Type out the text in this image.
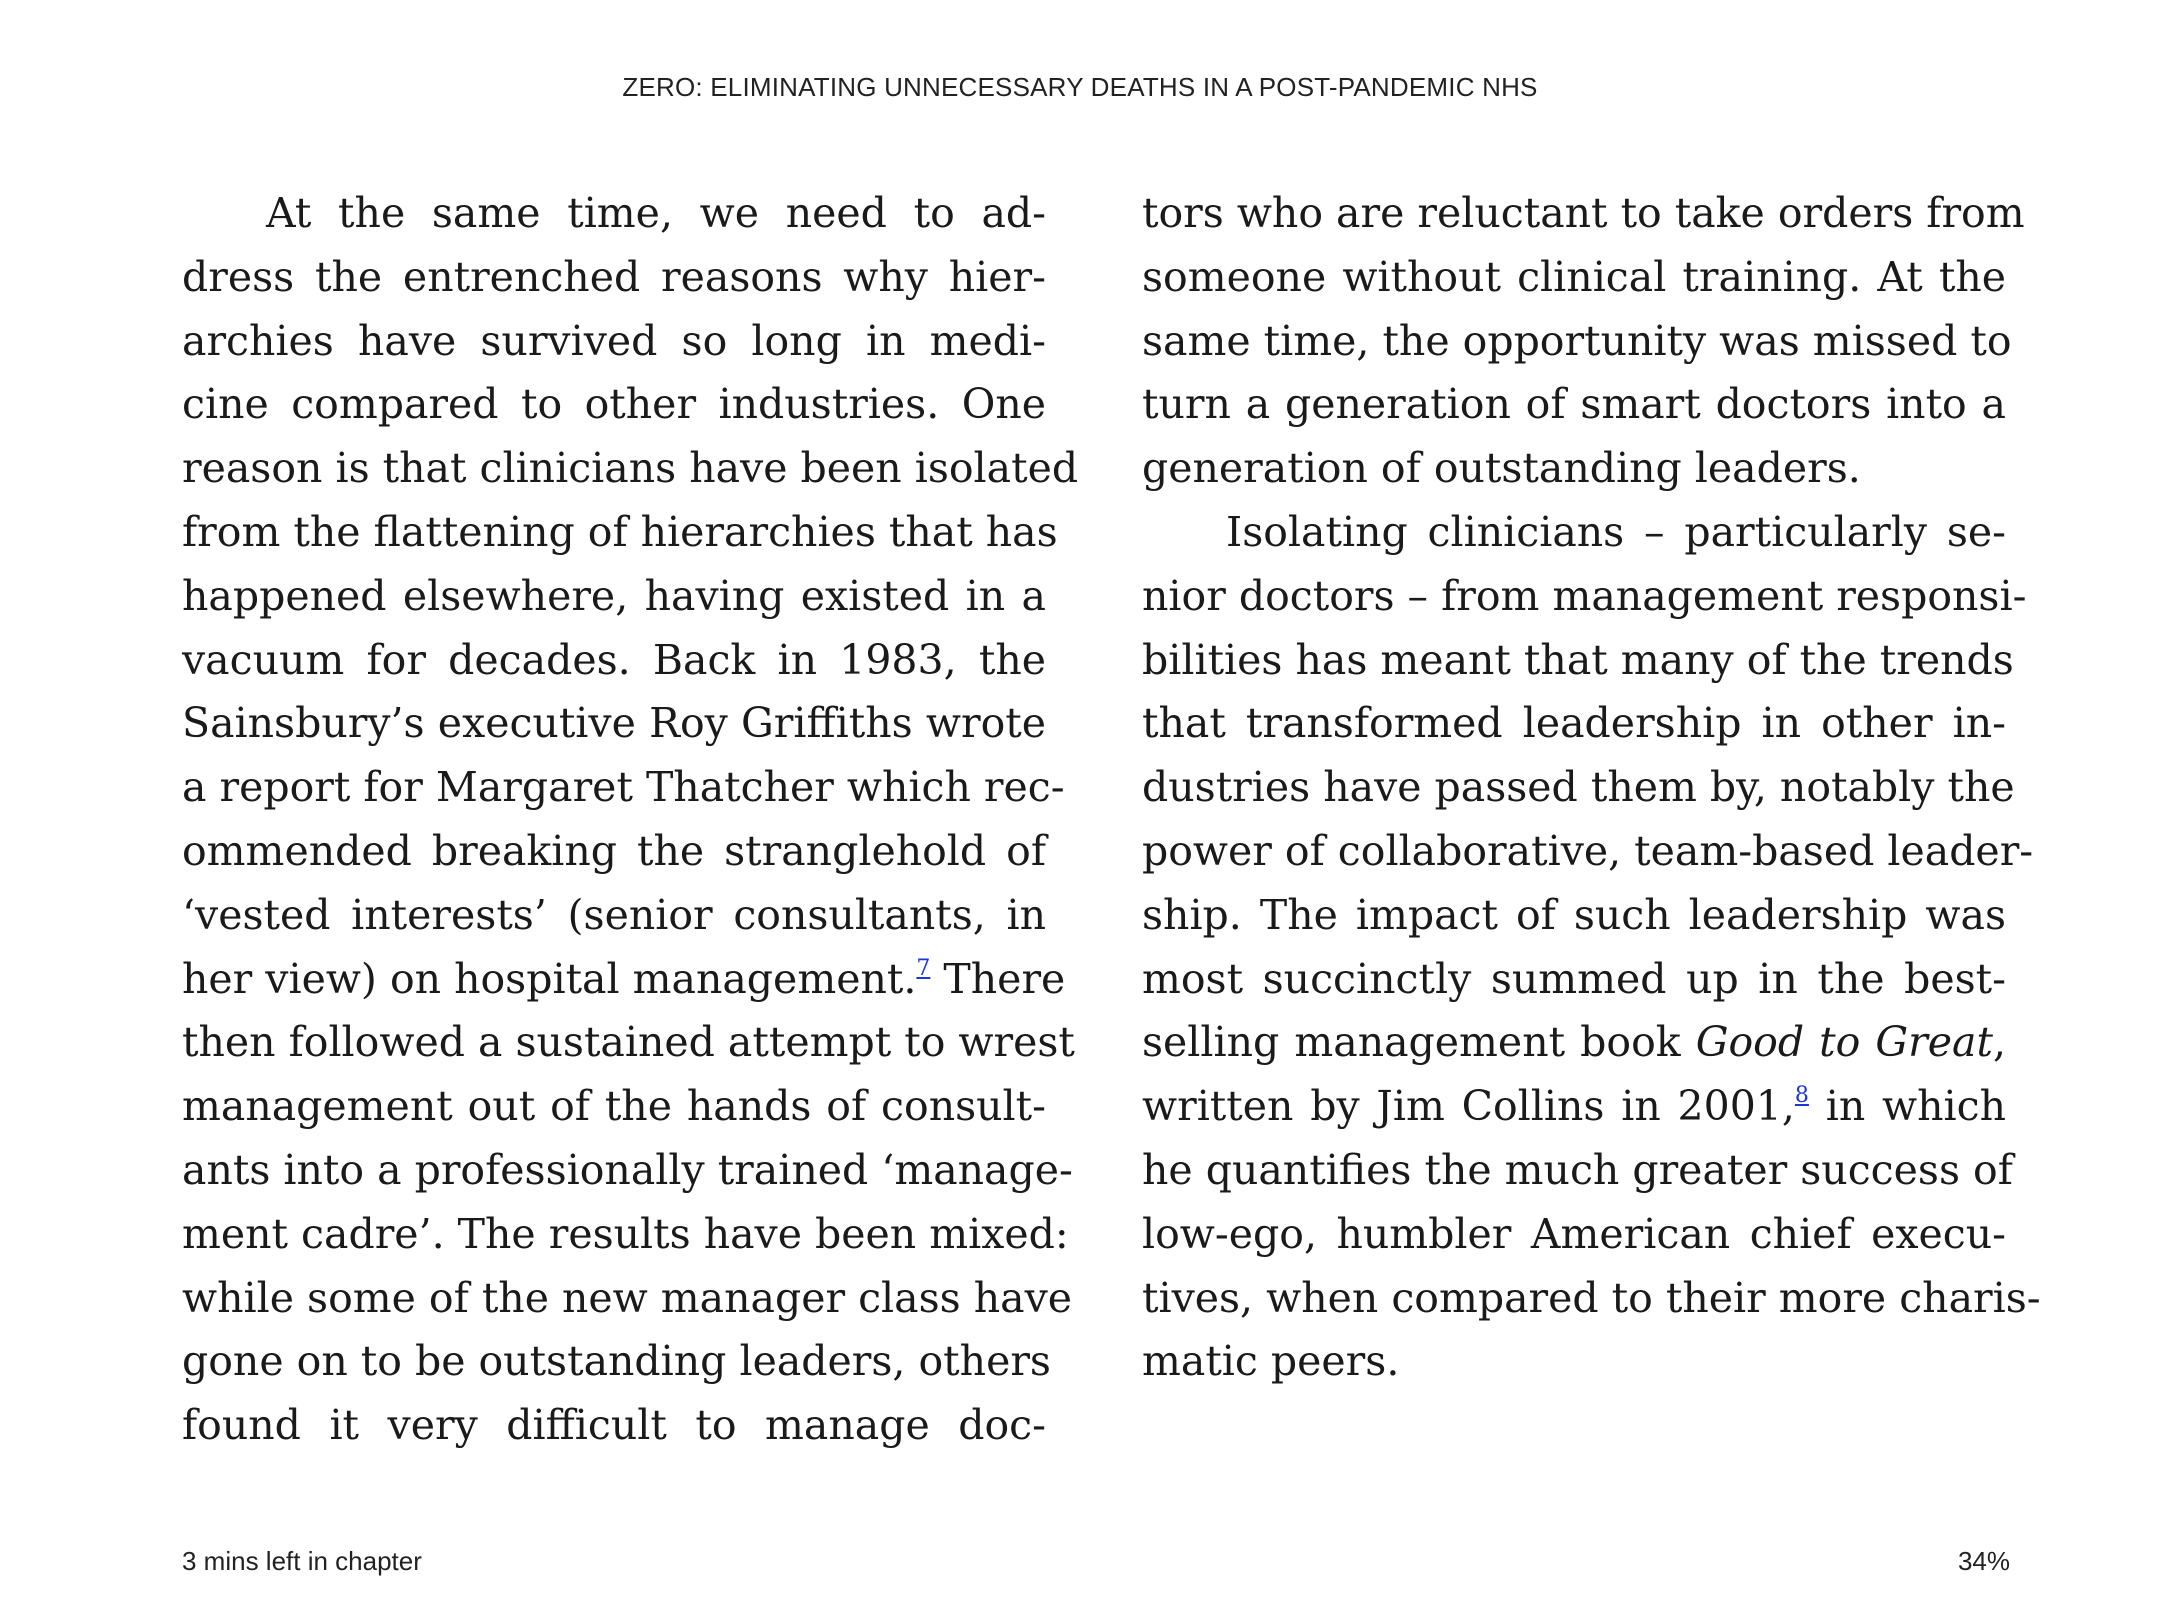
ZERO: ELIMINATING UNNECESSARY DEATHS IN A POST-PANDEMIC NHS
At the same time, we need to ad-
dress the entrenched reasons why hier-
archies have survived so long in medi-
cine compared to other industries. One
reason is that clinicians have been isolated
from the flattening of hierarchies that has
happened elsewhere, having existed in a
vacuum for decades. Back in 1983, the
Sainsbury’s executive Roy Griffiths wrote
a report for Margaret Thatcher which rec-
ommended breaking the stranglehold of
‘vested interests’ (senior consultants, in
her view) on hospital management.$^7$ There
then followed a sustained attempt to wrest
management out of the hands of consult-
ants into a professionally trained ‘manage-
ment cadre’. The results have been mixed:
while some of the new manager class have
gone on to be outstanding leaders, others
found it very difficult to manage doc-
tors who are reluctant to take orders from
someone without clinical training. At the
same time, the opportunity was missed to
turn a generation of smart doctors into a
generation of outstanding leaders.
Isolating clinicians – particularly se-
nior doctors – from management responsi-
bilities has meant that many of the trends
that transformed leadership in other in-
dustries have passed them by, notably the
power of collaborative, team-based leader-
ship. The impact of such leadership was
most succinctly summed up in the best-
selling management book Good to Great,
written by Jim Collins in 2001,$^8$ in which
he quantifies the much greater success of
low-ego, humbler American chief execu-
tives, when compared to their more charis-
matic peers.
3 mins left in chapter	34%
